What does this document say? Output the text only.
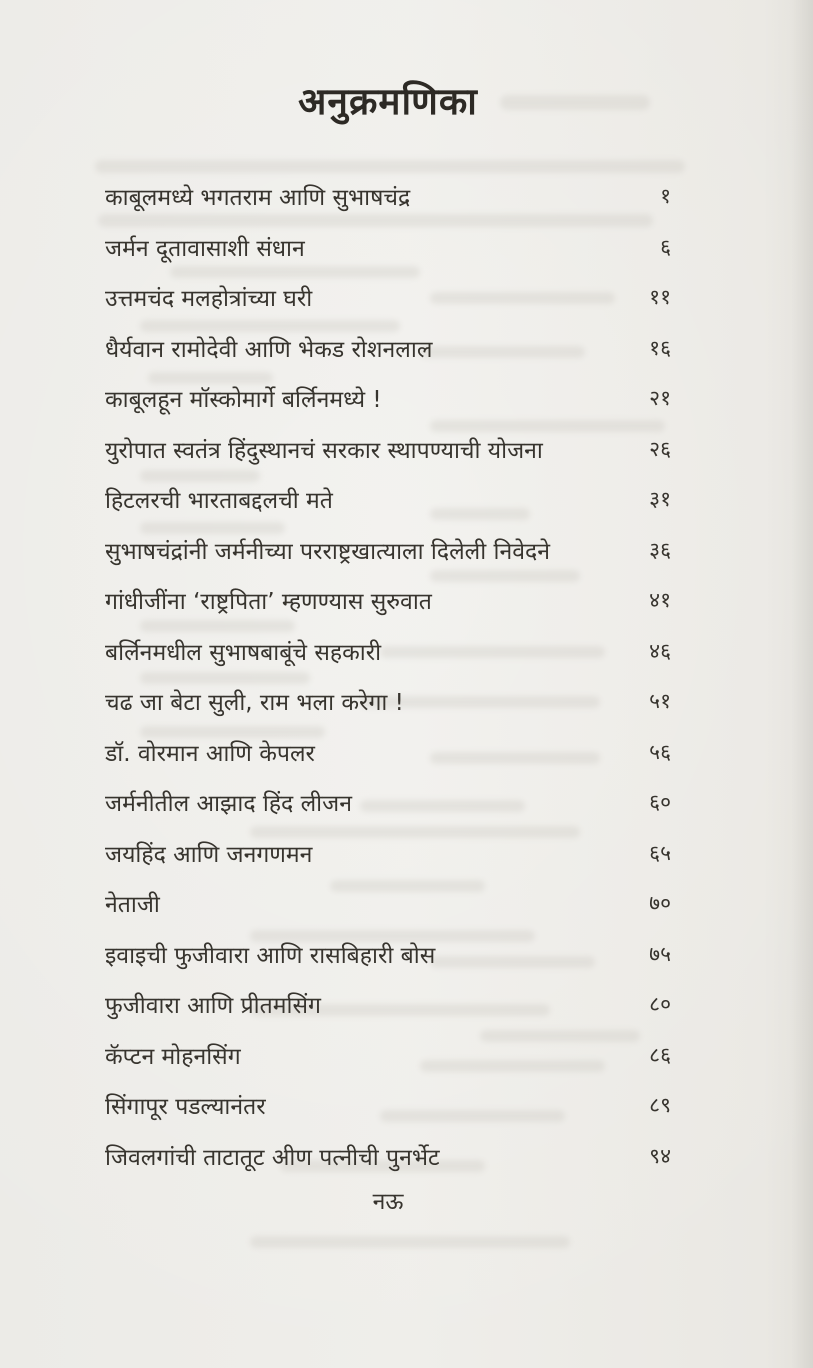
अनुक्रमणिका
काबूलमध्ये भगतराम आणि सुभाषचंद्र	१
जर्मन दूतावासाशी संधान	६
उत्तमचंद मलहोत्रांच्या घरी	११
धैर्यवान रामोदेवी आणि भेकड रोशनलाल	१६
काबूलहून मॉस्कोमार्गे बर्लिनमध्ये !	२१
युरोपात स्वतंत्र हिंदुस्थानचं सरकार स्थापण्याची योजना	२६
हिटलरची भारताबद्दलची मते	३१
सुभाषचंद्रांनी जर्मनीच्या परराष्ट्रखात्याला दिलेली निवेदने	३६
गांधीजींना ‘राष्ट्रपिता’ म्हणण्यास सुरुवात	४१
बर्लिनमधील सुभाषबाबूंचे सहकारी	४६
चढ जा बेटा सुली, राम भला करेगा !	५१
डॉ. वोरमान आणि केपलर	५६
जर्मनीतील आझाद हिंद लीजन	६०
जयहिंद आणि जनगणमन	६५
नेताजी	७०
इवाइची फुजीवारा आणि रासबिहारी बोस	७५
फुजीवारा आणि प्रीतमसिंग	८०
कॅप्टन मोहनसिंग	८६
सिंगापूर पडल्यानंतर	८९
जिवलगांची ताटातूट अीण पत्नीची पुनर्भेट	९४
नऊ
